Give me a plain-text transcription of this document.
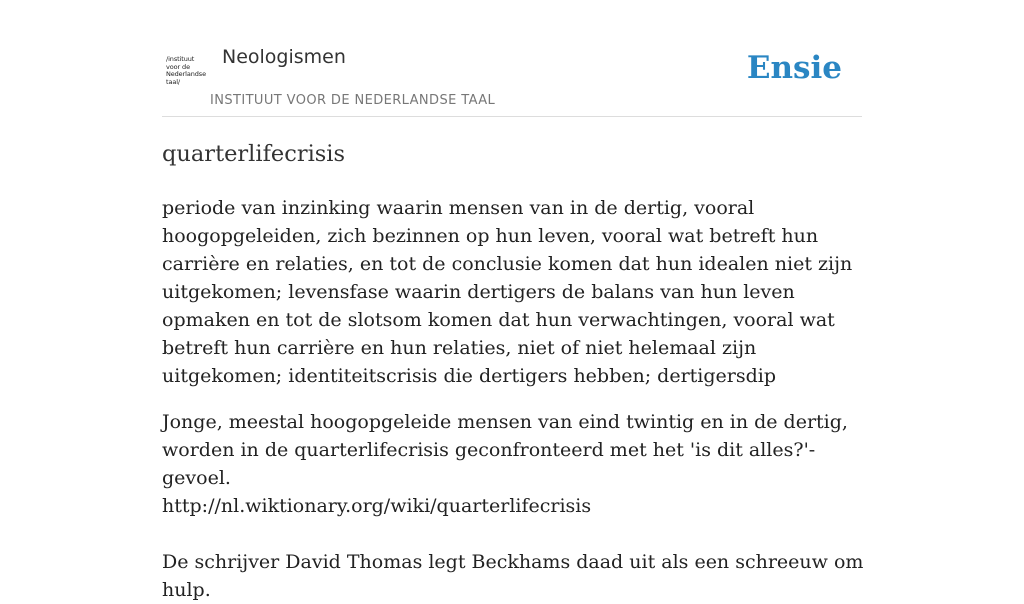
/instituut
voor de
Nederlandse
taal/
Neologismen
INSTITUUT VOOR DE NEDERLANDSE TAAL
Ensie
quarterlifecrisis

periode van inzinking waarin mensen van in de dertig, vooral hoogopgeleiden, zich bezinnen op hun leven, vooral wat betreft hun carrière en relaties, en tot de conclusie komen dat hun idealen niet zijn uitgekomen; levensfase waarin dertigers de balans van hun leven opmaken en tot de slotsom komen dat hun verwachtingen, vooral wat betreft hun carrière en hun relaties, niet of niet helemaal zijn uitgekomen; identiteitscrisis die dertigers hebben; dertigersdip

Jonge, meestal hoogopgeleide mensen van eind twintig en in de dertig, worden in de quarterlifecrisis geconfronteerd met het 'is dit alles?'-gevoel.
http://nl.wiktionary.org/wiki/quarterlifecrisis

De schrijver David Thomas legt Beckhams daad uit als een schreeuw om hulp.
